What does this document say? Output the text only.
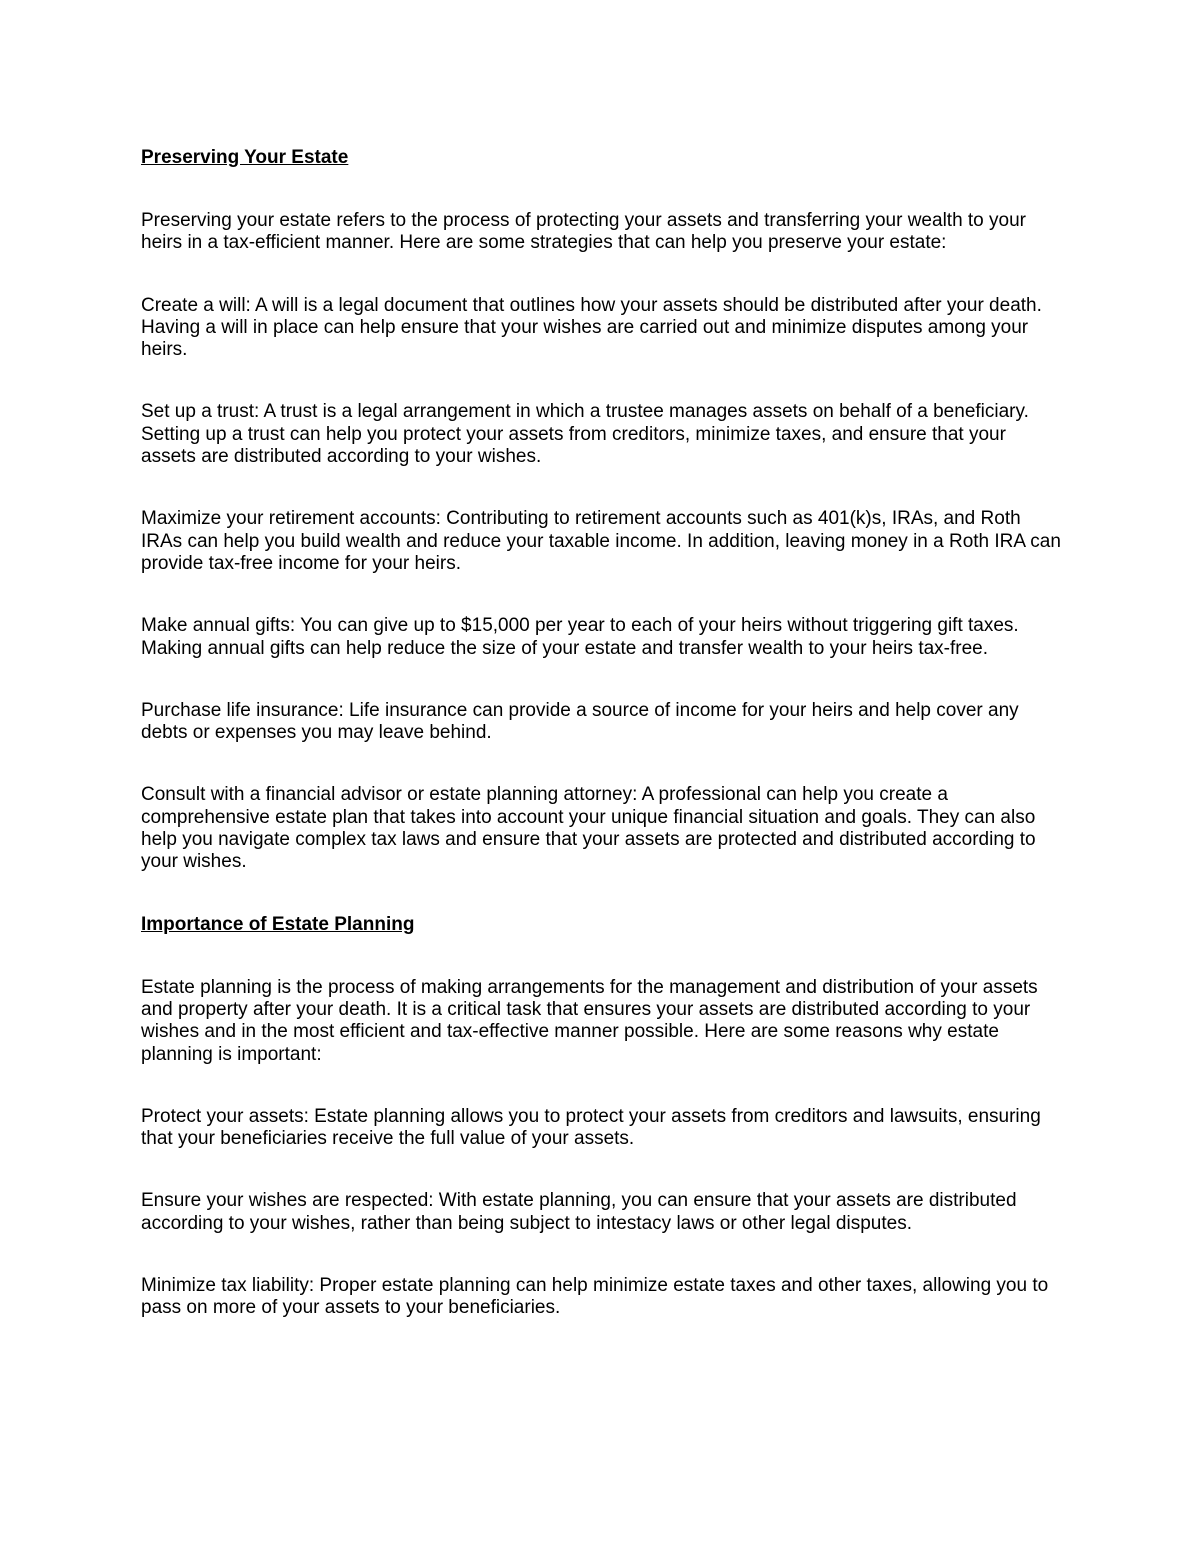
Preserving Your Estate

Preserving your estate refers to the process of protecting your assets and transferring your wealth to your heirs in a tax-efficient manner. Here are some strategies that can help you preserve your estate:

Create a will: A will is a legal document that outlines how your assets should be distributed after your death. Having a will in place can help ensure that your wishes are carried out and minimize disputes among your heirs.

Set up a trust: A trust is a legal arrangement in which a trustee manages assets on behalf of a beneficiary. Setting up a trust can help you protect your assets from creditors, minimize taxes, and ensure that your assets are distributed according to your wishes.

Maximize your retirement accounts: Contributing to retirement accounts such as 401(k)s, IRAs, and Roth IRAs can help you build wealth and reduce your taxable income. In addition, leaving money in a Roth IRA can provide tax-free income for your heirs.

Make annual gifts: You can give up to $15,000 per year to each of your heirs without triggering gift taxes. Making annual gifts can help reduce the size of your estate and transfer wealth to your heirs tax-free.

Purchase life insurance: Life insurance can provide a source of income for your heirs and help cover any debts or expenses you may leave behind.

Consult with a financial advisor or estate planning attorney: A professional can help you create a comprehensive estate plan that takes into account your unique financial situation and goals. They can also help you navigate complex tax laws and ensure that your assets are protected and distributed according to your wishes.

Importance of Estate Planning

Estate planning is the process of making arrangements for the management and distribution of your assets and property after your death. It is a critical task that ensures your assets are distributed according to your wishes and in the most efficient and tax-effective manner possible. Here are some reasons why estate planning is important:

Protect your assets: Estate planning allows you to protect your assets from creditors and lawsuits, ensuring that your beneficiaries receive the full value of your assets.

Ensure your wishes are respected: With estate planning, you can ensure that your assets are distributed according to your wishes, rather than being subject to intestacy laws or other legal disputes.

Minimize tax liability: Proper estate planning can help minimize estate taxes and other taxes, allowing you to pass on more of your assets to your beneficiaries.
